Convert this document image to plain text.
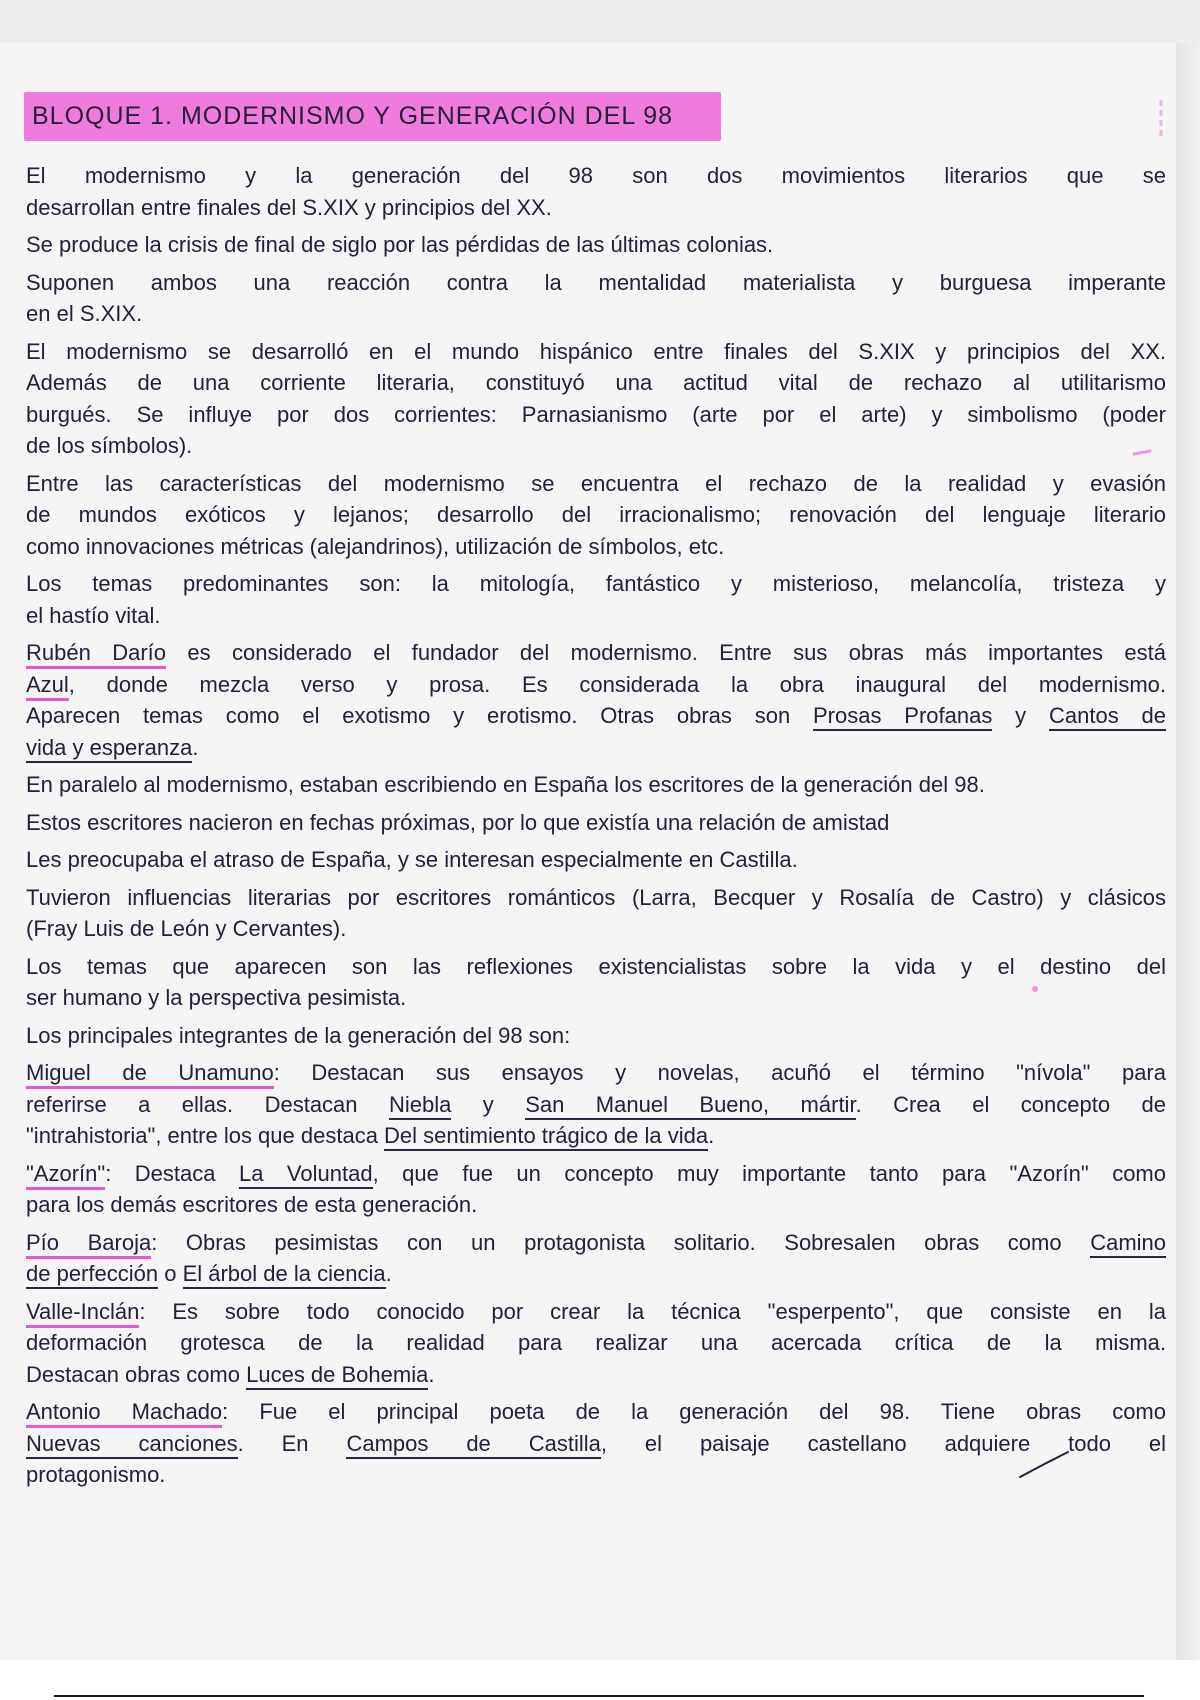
BLOQUE 1. MODERNISMO Y GENERACIÓN DEL 98
El modernismo y la generación del 98 son dos movimientos literarios que se
desarrollan entre finales del S.XIX y principios del XX.
Se produce la crisis de final de siglo por las pérdidas de las últimas colonias.
Suponen ambos una reacción contra la mentalidad materialista y burguesa imperante
en el S.XIX.
El modernismo se desarrolló en el mundo hispánico entre finales del S.XIX y principios del XX.
Además de una corriente literaria, constituyó una actitud vital de rechazo al utilitarismo
burgués. Se influye por dos corrientes: Parnasianismo (arte por el arte) y simbolismo (poder
de los símbolos).
Entre las características del modernismo se encuentra el rechazo de la realidad y evasión
de mundos exóticos y lejanos; desarrollo del irracionalismo; renovación del lenguaje literario
como innovaciones métricas (alejandrinos), utilización de símbolos, etc.
Los temas predominantes son: la mitología, fantástico y misterioso, melancolía, tristeza y
el hastío vital.
Rubén Darío es considerado el fundador del modernismo. Entre sus obras más importantes está
Azul, donde mezcla verso y prosa. Es considerada la obra inaugural del modernismo.
Aparecen temas como el exotismo y erotismo. Otras obras son Prosas Profanas y Cantos de
vida y esperanza.
En paralelo al modernismo, estaban escribiendo en España los escritores de la generación del 98.
Estos escritores nacieron en fechas próximas, por lo que existía una relación de amistad
Les preocupaba el atraso de España, y se interesan especialmente en Castilla.
Tuvieron influencias literarias por escritores románticos (Larra, Becquer y Rosalía de Castro) y clásicos
(Fray Luis de León y Cervantes).
Los temas que aparecen son las reflexiones existencialistas sobre la vida y el destino del
ser humano y la perspectiva pesimista.
Los principales integrantes de la generación del 98 son:
Miguel de Unamuno: Destacan sus ensayos y novelas, acuñó el término "nívola" para
referirse a ellas. Destacan Niebla y San Manuel Bueno, mártir. Crea el concepto de
"intrahistoria", entre los que destaca Del sentimiento trágico de la vida.
"Azorín": Destaca La Voluntad, que fue un concepto muy importante tanto para "Azorín" como
para los demás escritores de esta generación.
Pío Baroja: Obras pesimistas con un protagonista solitario. Sobresalen obras como Camino
de perfección o El árbol de la ciencia.
Valle-Inclán: Es sobre todo conocido por crear la técnica "esperpento", que consiste en la
deformación grotesca de la realidad para realizar una acercada crítica de la misma.
Destacan obras como Luces de Bohemia.
Antonio Machado: Fue el principal poeta de la generación del 98. Tiene obras como
Nuevas canciones. En Campos de Castilla, el paisaje castellano adquiere todo el
protagonismo.
